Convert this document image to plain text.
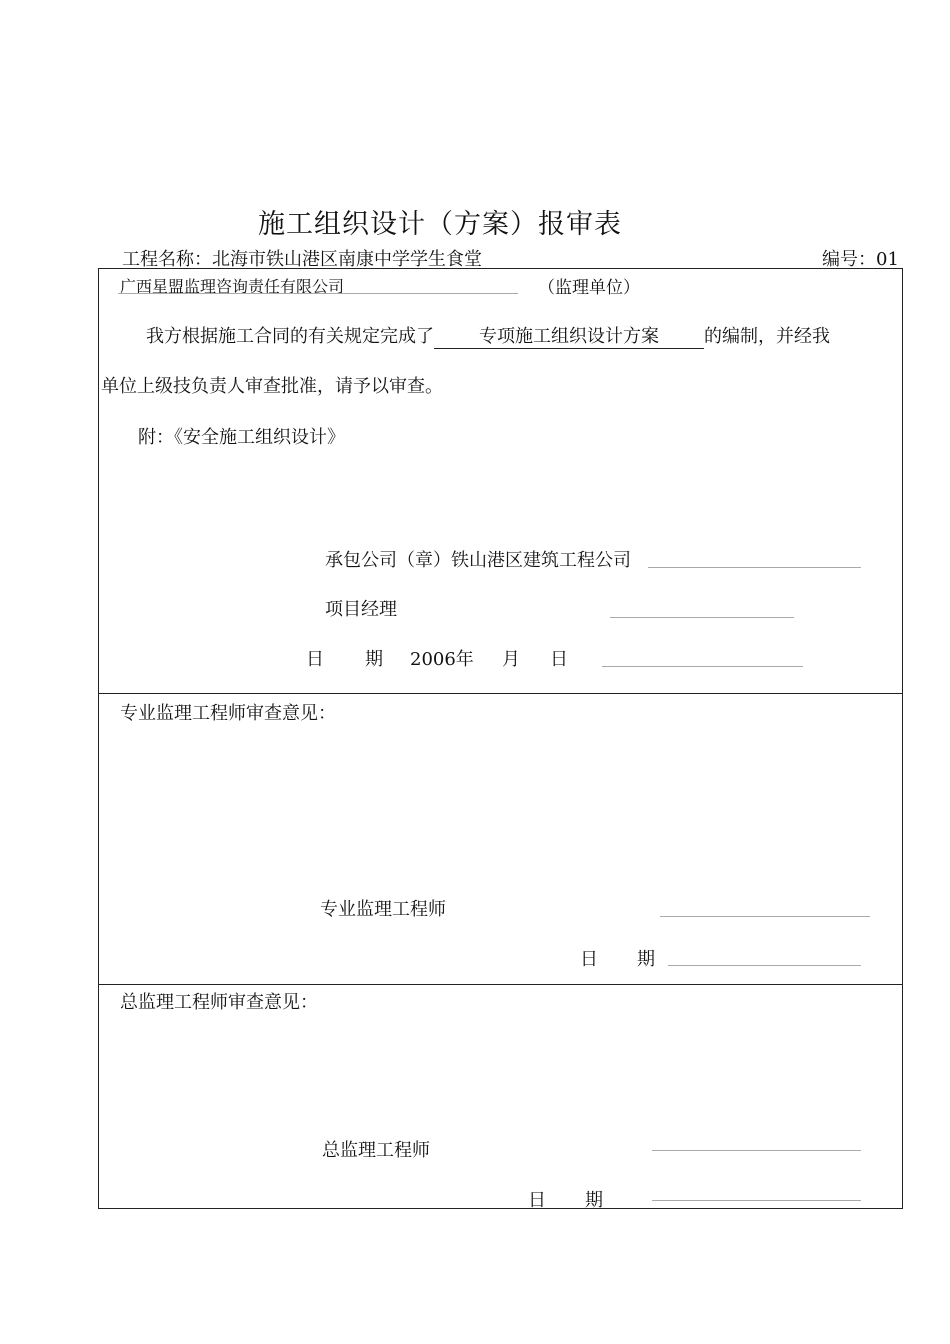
施工组织设计（方案）报审表
工程名称：北海市铁山港区南康中学学生食堂	编号：01
广西星盟监理咨询责任有限公司	（监理单位）
我方根据施工合同的有关规定完成了	专项施工组织设计方案	的编制，并经我
单位上级技负责人审查批准，请予以审查。
附：《安全施工组织设计》
承包公司（章）铁山港区建筑工程公司
项目经理
日 期 2006年 月 日
专业监理工程师审查意见：
专业监理工程师
日 期
总监理工程师审查意见：
总监理工程师
日 期
